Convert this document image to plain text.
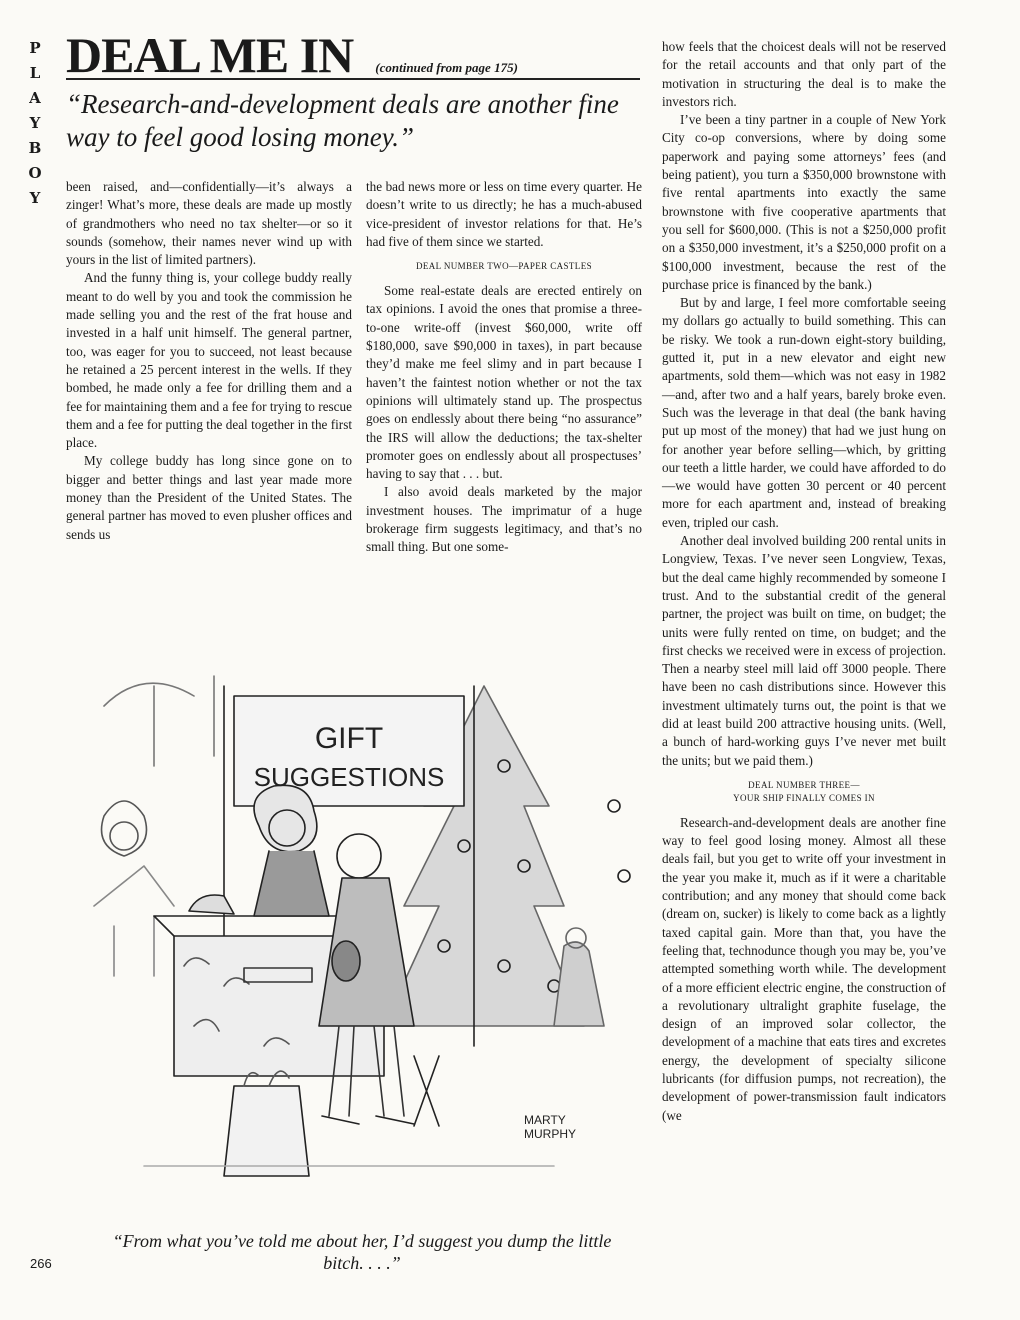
P
L
A
Y
B
O
Y
DEAL ME IN (continued from page 175)
“Research-and-development deals are another fine way to feel good losing money.”

been raised, and—confidentially—it’s always a zinger! What’s more, these deals are made up mostly of grandmothers who need no tax shelter—or so it sounds (somehow, their names never wind up with yours in the list of limited partners).

And the funny thing is, your college buddy really meant to do well by you and took the commission he made selling you and the rest of the frat house and invested in a half unit himself. The general partner, too, was eager for you to succeed, not least because he retained a 25 percent interest in the wells. If they bombed, he made only a fee for drilling them and a fee for maintaining them and a fee for trying to rescue them and a fee for putting the deal together in the first place.

My college buddy has long since gone on to bigger and better things and last year made more money than the President of the United States. The general partner has moved to even plusher offices and sends us

the bad news more or less on time every quarter. He doesn’t write to us directly; he has a much-abused vice-president of investor relations for that. He’s had five of them since we started.

DEAL NUMBER TWO—PAPER CASTLES

Some real-estate deals are erected entirely on tax opinions. I avoid the ones that promise a three-to-one write-off (invest $60,000, write off $180,000, save $90,000 in taxes), in part because they’d make me feel slimy and in part because I haven’t the faintest notion whether or not the tax opinions will ultimately stand up. The prospectus goes on endlessly about there being “no assurance” the IRS will allow the deductions; the tax-shelter promoter goes on endlessly about all prospectuses’ having to say that . . . but.

I also avoid deals marketed by the major investment houses. The imprimatur of a huge brokerage firm suggests legitimacy, and that’s no small thing. But one some-

how feels that the choicest deals will not be reserved for the retail accounts and that only part of the motivation in structuring the deal is to make the investors rich.

I’ve been a tiny partner in a couple of New York City co-op conversions, where by doing some paperwork and paying some attorneys’ fees (and being patient), you turn a $350,000 brownstone with five rental apartments into exactly the same brownstone with five cooperative apartments that you sell for $600,000. (This is not a $250,000 profit on a $350,000 investment, it’s a $250,000 profit on a $100,000 investment, because the rest of the purchase price is financed by the bank.)

But by and large, I feel more comfortable seeing my dollars go actually to build something. This can be risky. We took a run-down eight-story building, gutted it, put in a new elevator and eight new apartments, sold them—which was not easy in 1982—and, after two and a half years, barely broke even. Such was the leverage in that deal (the bank having put up most of the money) that had we just hung on for another year before selling—which, by gritting our teeth a little harder, we could have afforded to do—we would have gotten 30 percent or 40 percent more for each apartment and, instead of breaking even, tripled our cash.

Another deal involved building 200 rental units in Longview, Texas. I’ve never seen Longview, Texas, but the deal came highly recommended by someone I trust. And to the substantial credit of the general partner, the project was built on time, on budget; the units were fully rented on time, on budget; and the first checks we received were in excess of projection. Then a nearby steel mill laid off 3000 people. There have been no cash distributions since. However this investment ultimately turns out, the point is that we did at least build 200 attractive housing units. (Well, a bunch of hard-working guys I’ve never met built the units; but we paid them.)

DEAL NUMBER THREE—
YOUR SHIP FINALLY COMES IN

Research-and-development deals are another fine way to feel good losing money. Almost all these deals fail, but you get to write off your investment in the year you make it, much as if it were a charitable contribution; and any money that should come back (dream on, sucker) is likely to come back as a lightly taxed capital gain. More than that, you have the feeling that, technodunce though you may be, you’ve attempted something worth while. The development of a more efficient electric engine, the construction of a revolutionary ultralight graphite fuselage, the design of an improved solar collector, the development of a machine that eats tires and excretes energy, the development of specialty silicone lubricants (for diffusion pumps, not recreation), the development of power-transmission fault indicators (we

GIFT
SUGGESTIONS
MARTY
MURPHY
“From what you’ve told me about her, I’d suggest you dump the little bitch. . . .”
266
